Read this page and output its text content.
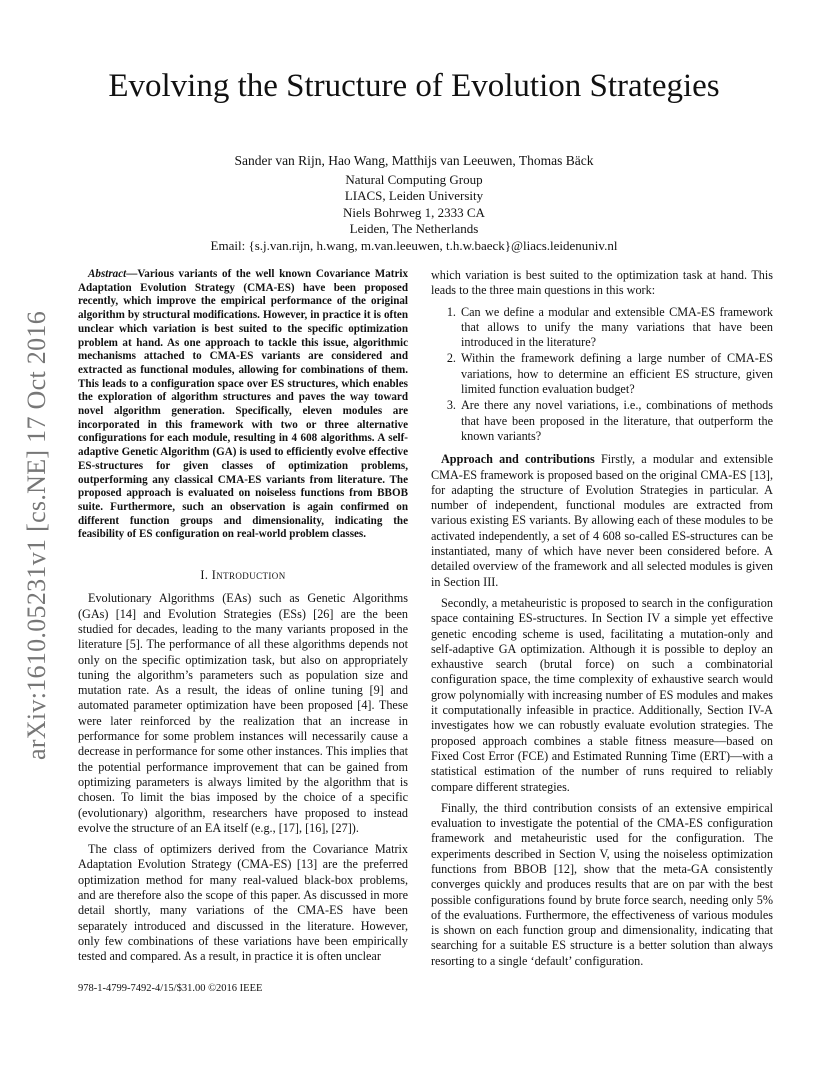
arXiv:1610.05231v1 [cs.NE] 17 Oct 2016
Evolving the Structure of Evolution Strategies
Sander van Rijn, Hao Wang, Matthijs van Leeuwen, Thomas Bäck
Natural Computing Group
LIACS, Leiden University
Niels Bohrweg 1, 2333 CA
Leiden, The Netherlands
Email: {s.j.van.rijn, h.wang, m.van.leeuwen, t.h.w.baeck}@liacs.leidenuniv.nl

Abstract—Various variants of the well known Covariance Matrix Adaptation Evolution Strategy (CMA-ES) have been proposed recently, which improve the empirical performance of the original algorithm by structural modifications. However, in practice it is often unclear which variation is best suited to the specific optimization problem at hand. As one approach to tackle this issue, algorithmic mechanisms attached to CMA-ES variants are considered and extracted as functional modules, allowing for combinations of them. This leads to a configuration space over ES structures, which enables the exploration of algorithm structures and paves the way toward novel algorithm generation. Specifically, eleven modules are incorporated in this framework with two or three alternative configurations for each module, resulting in 4 608 algorithms. A self-adaptive Genetic Algorithm (GA) is used to efficiently evolve effective ES-structures for given classes of optimization problems, outperforming any classical CMA-ES variants from literature. The proposed approach is evaluated on noiseless functions from BBOB suite. Furthermore, such an observation is again confirmed on different function groups and dimensionality, indicating the feasibility of ES configuration on real-world problem classes.

I. Introduction

Evolutionary Algorithms (EAs) such as Genetic Algorithms (GAs) [14] and Evolution Strategies (ESs) [26] are the been studied for decades, leading to the many variants proposed in the literature [5]. The performance of all these algorithms depends not only on the specific optimization task, but also on appropriately tuning the algorithm’s parameters such as population size and mutation rate. As a result, the ideas of online tuning [9] and automated parameter optimization have been proposed [4]. These were later reinforced by the realization that an increase in performance for some problem instances will necessarily cause a decrease in performance for some other instances. This implies that the potential performance improvement that can be gained from optimizing parameters is always limited by the algorithm that is chosen. To limit the bias imposed by the choice of a specific (evolutionary) algorithm, researchers have proposed to instead evolve the structure of an EA itself (e.g., [17], [16], [27]).

The class of optimizers derived from the Covariance Matrix Adaptation Evolution Strategy (CMA-ES) [13] are the preferred optimization method for many real-valued black-box problems, and are therefore also the scope of this paper. As discussed in more detail shortly, many variations of the CMA-ES have been separately introduced and discussed in the literature. However, only few combinations of these variations have been empirically tested and compared. As a result, in practice it is often unclear

which variation is best suited to the optimization task at hand. This leads to the three main questions in this work:

1. Can we define a modular and extensible CMA-ES framework that allows to unify the many variations that have been introduced in the literature?
2. Within the framework defining a large number of CMA-ES variations, how to determine an efficient ES structure, given limited function evaluation budget?
3. Are there any novel variations, i.e., combinations of methods that have been proposed in the literature, that outperform the known variants?

Approach and contributions Firstly, a modular and extensible CMA-ES framework is proposed based on the original CMA-ES [13], for adapting the structure of Evolution Strategies in particular. A number of independent, functional modules are extracted from various existing ES variants. By allowing each of these modules to be activated independently, a set of 4 608 so-called ES-structures can be instantiated, many of which have never been considered before. A detailed overview of the framework and all selected modules is given in Section III.

Secondly, a metaheuristic is proposed to search in the configuration space containing ES-structures. In Section IV a simple yet effective genetic encoding scheme is used, facilitating a mutation-only and self-adaptive GA optimization. Although it is possible to deploy an exhaustive search (brutal force) on such a combinatorial configuration space, the time complexity of exhaustive search would grow polynomially with increasing number of ES modules and makes it computationally infeasible in practice. Additionally, Section IV-A investigates how we can robustly evaluate evolution strategies. The proposed approach combines a stable fitness measure—based on Fixed Cost Error (FCE) and Estimated Running Time (ERT)—with a statistical estimation of the number of runs required to reliably compare different strategies.

Finally, the third contribution consists of an extensive empirical evaluation to investigate the potential of the CMA-ES configuration framework and metaheuristic used for the configuration. The experiments described in Section V, using the noiseless optimization functions from BBOB [12], show that the meta-GA consistently converges quickly and produces results that are on par with the best possible configurations found by brute force search, needing only 5% of the evaluations. Furthermore, the effectiveness of various modules is shown on each function group and dimensionality, indicating that searching for a suitable ES structure is a better solution than always resorting to a single ‘default’ configuration.

978-1-4799-7492-4/15/$31.00 ©2016 IEEE
